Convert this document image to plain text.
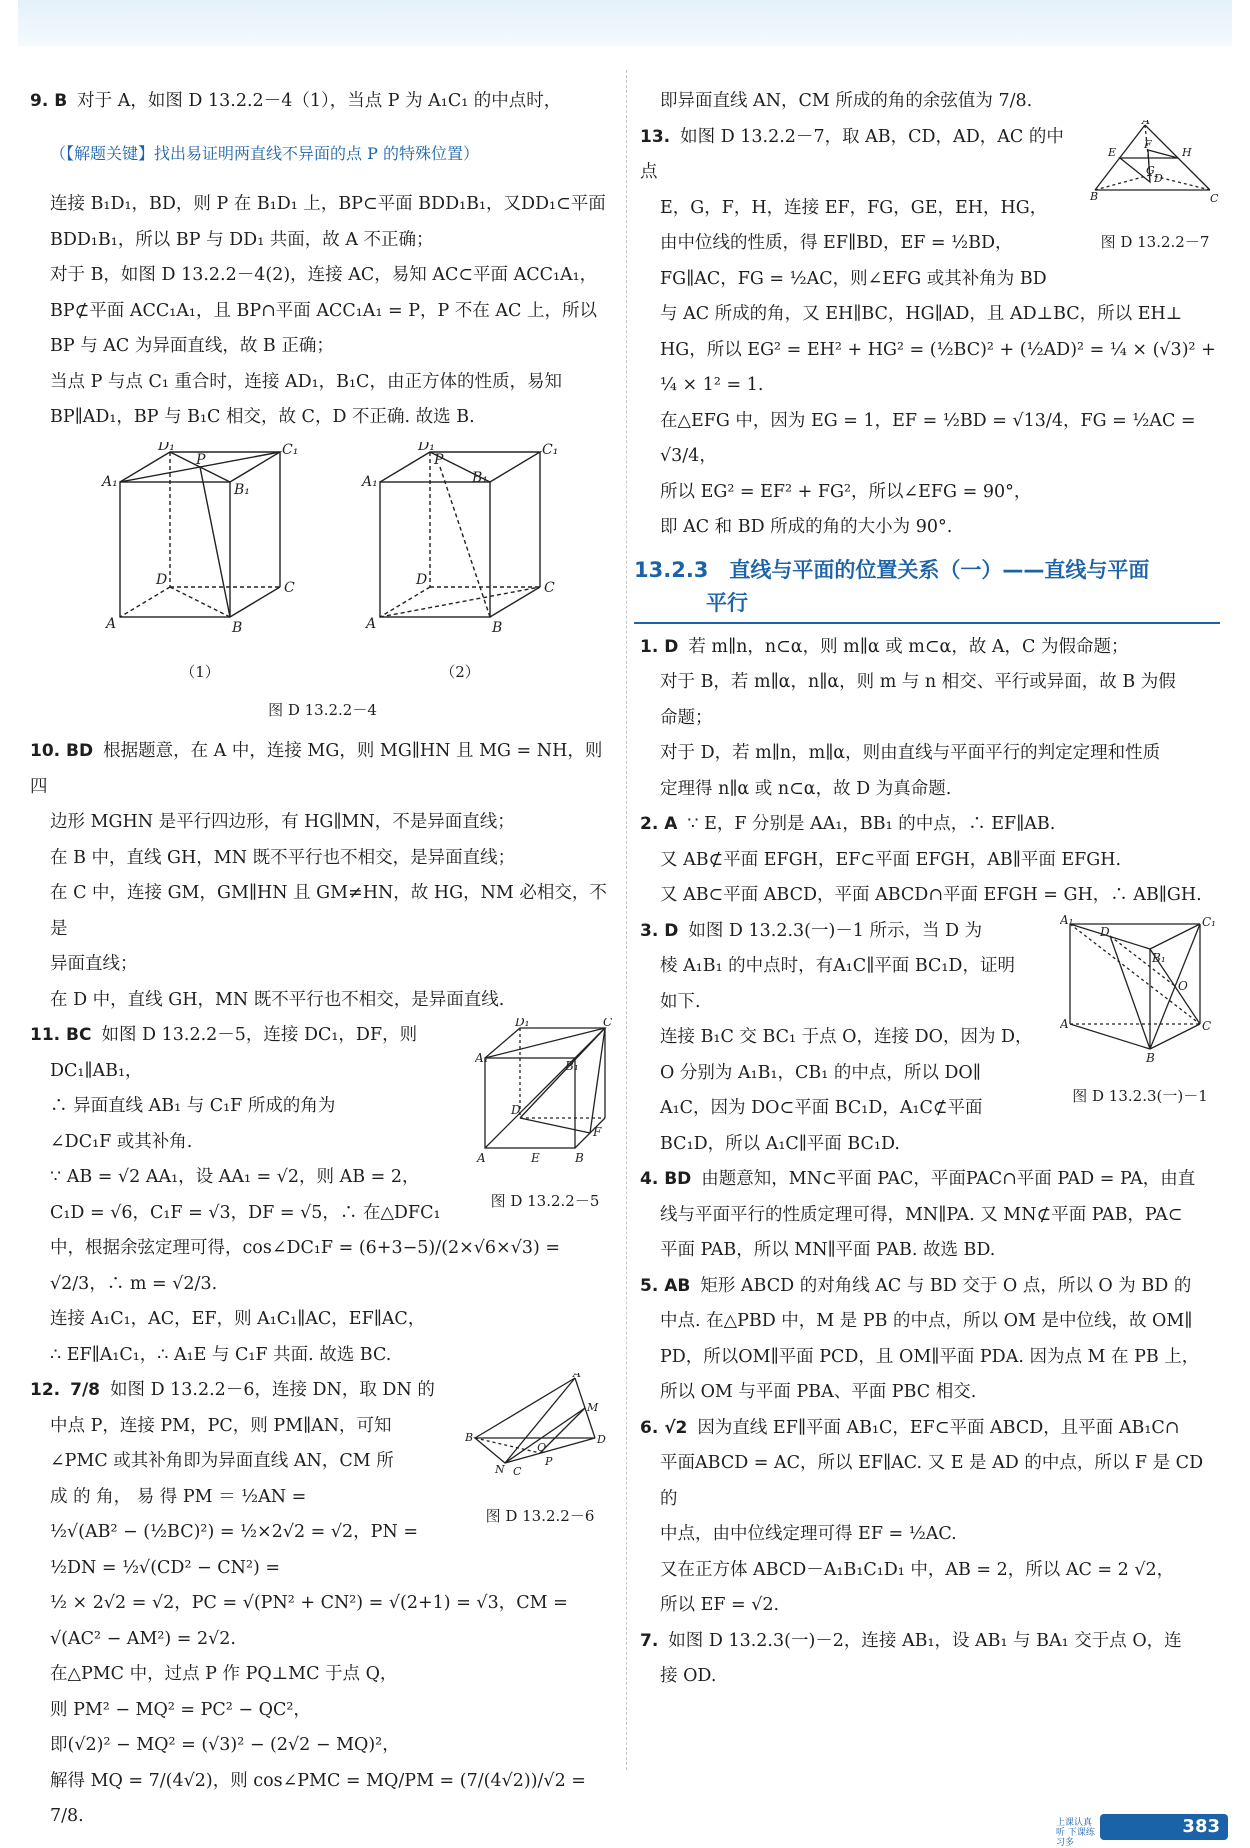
9. B 对于 A，如图 D 13.2.2－4（1），当点 P 为 A₁C₁ 的中点时，

（【解题关键】找出易证明两直线不异面的点 P 的特殊位置）

连接 B₁D₁，BD，则 P 在 B₁D₁ 上，BP⊂平面 BDD₁B₁，又DD₁⊂平面

BDD₁B₁，所以 BP 与 DD₁ 共面，故 A 不正确；

对于 B，如图 D 13.2.2－4(2)，连接 AC，易知 AC⊂平面 ACC₁A₁，

BP⊄平面 ACC₁A₁，且 BP∩平面 ACC₁A₁ = P，P 不在 AC 上，所以

BP 与 AC 为异面直线，故 B 正确；

当点 P 与点 C₁ 重合时，连接 AD₁，B₁C，由正方体的性质，易知

BP∥AD₁，BP 与 B₁C 相交，故 C，D 不正确. 故选 B.

D₁	C₁
A₁	B₁
P
D	C
A	B
（1）
D₁	C₁
A₁	B₁
P
D	C
A	B
（2）
图 D 13.2.2－4

10. BD 根据题意，在 A 中，连接 MG，则 MG∥HN 且 MG = NH，则四

边形 MGHN 是平行四边形，有 HG∥MN，不是异面直线；

在 B 中，直线 GH，MN 既不平行也不相交，是异面直线；

在 C 中，连接 GM，GM∥HN 且 GM≠HN，故 HG，NM 必相交，不是

异面直线；

在 D 中，直线 GH，MN 既不平行也不相交，是异面直线.

D₁	C
A₁
B₁
D
F
A	E	B
图 D 13.2.2－5

11. BC 如图 D 13.2.2－5，连接 DC₁，DF，则

DC₁∥AB₁，

∴ 异面直线 AB₁ 与 C₁F 所成的角为

∠DC₁F 或其补角.

∵ AB = √2 AA₁，设 AA₁ = √2，则 AB = 2，

C₁D = √6，C₁F = √3，DF = √5，∴ 在△DFC₁

中，根据余弦定理可得，cos∠DC₁F = (6+3−5)/(2×√6×√3) = √2/3，∴ m = √2/3.

连接 A₁C₁，AC，EF，则 A₁C₁∥AC，EF∥AC，

∴ EF∥A₁C₁，∴ A₁E 与 C₁F 共面. 故选 BC.

A
M
B	D
Q
N
P
C
图 D 13.2.2－6

12. 7/8 如图 D 13.2.2－6，连接 DN，取 DN 的

中点 P，连接 PM，PC，则 PM∥AN，可知

∠PMC 或其补角即为异面直线 AN，CM 所

成 的 角， 易 得 PM ＝ ½AN =

½√(AB² − (½BC)²) = ½×2√2 = √2，PN = ½DN = ½√(CD² − CN²) =

½ × 2√2 = √2，PC = √(PN² + CN²) = √(2+1) = √3，CM =

√(AC² − AM²) = 2√2.

在△PMC 中，过点 P 作 PQ⊥MC 于点 Q，

则 PM² − MQ² = PC² − QC²，

即(√2)² − MQ² = (√3)² − (2√2 − MQ)²，

解得 MQ = 7/(4√2)，则 cos∠PMC = MQ/PM = (7/(4√2))/√2 = 7/8.

即异面直线 AN，CM 所成的角的余弦值为 7/8.

A
E	H
F
G
D
B	C
图 D 13.2.2－7

13. 如图 D 13.2.2－7，取 AB，CD，AD，AC 的中点

E，G，F，H，连接 EF，FG，GE，EH，HG，

由中位线的性质，得 EF∥BD，EF = ½BD，

FG∥AC，FG = ½AC，则∠EFG 或其补角为 BD

与 AC 所成的角，又 EH∥BC，HG∥AD，且 AD⊥BC，所以 EH⊥

HG，所以 EG² = EH² + HG² = (½BC)² + (½AD)² = ¼ × (√3)² +

¼ × 1² = 1.

在△EFG 中，因为 EG = 1，EF = ½BD = √13/4，FG = ½AC = √3/4，

所以 EG² = EF² + FG²，所以∠EFG = 90°，

即 AC 和 BD 所成的角的大小为 90°.

13.2.3　直线与平面的位置关系（一）——直线与平面
平行

1. D 若 m∥n，n⊂α，则 m∥α 或 m⊂α，故 A，C 为假命题；

对于 B，若 m∥α，n∥α，则 m 与 n 相交、平行或异面，故 B 为假

命题；

对于 D，若 m∥n，m∥α，则由直线与平面平行的判定定理和性质

定理得 n∥α 或 n⊂α，故 D 为真命题.

2. A ∵ E，F 分别是 AA₁，BB₁ 的中点，∴ EF∥AB.

又 AB⊄平面 EFGH，EF⊂平面 EFGH，AB∥平面 EFGH.

又 AB⊂平面 ABCD，平面 ABCD∩平面 EFGH = GH，∴ AB∥GH.

A₁	C₁
D
B₁
O
A	C
B
图 D 13.2.3(一)－1

3. D 如图 D 13.2.3(一)－1 所示，当 D 为

棱 A₁B₁ 的中点时，有A₁C∥平面 BC₁D，证明

如下.

连接 B₁C 交 BC₁ 于点 O，连接 DO，因为 D，

O 分别为 A₁B₁，CB₁ 的中点，所以 DO∥

A₁C，因为 DO⊂平面 BC₁D，A₁C⊄平面

BC₁D，所以 A₁C∥平面 BC₁D.

4. BD 由题意知，MN⊂平面 PAC，平面PAC∩平面 PAD = PA，由直

线与平面平行的性质定理可得，MN∥PA. 又 MN⊄平面 PAB，PA⊂

平面 PAB，所以 MN∥平面 PAB. 故选 BD.

5. AB 矩形 ABCD 的对角线 AC 与 BD 交于 O 点，所以 O 为 BD 的

中点. 在△PBD 中，M 是 PB 的中点，所以 OM 是中位线，故 OM∥

PD，所以OM∥平面 PCD，且 OM∥平面 PDA. 因为点 M 在 PB 上，

所以 OM 与平面 PBA、平面 PBC 相交.

6. √2 因为直线 EF∥平面 AB₁C，EF⊂平面 ABCD，且平面 AB₁C∩

平面ABCD = AC，所以 EF∥AC. 又 E 是 AD 的中点，所以 F 是 CD 的

中点，由中位线定理可得 EF = ½AC.

又在正方体 ABCD－A₁B₁C₁D₁ 中，AB = 2，所以 AC = 2 √2，

所以 EF = √2.

7. 如图 D 13.2.3(一)－2，连接 AB₁，设 AB₁ 与 BA₁ 交于点 O，连

接 OD.

上课认真听 下课练习多
383
